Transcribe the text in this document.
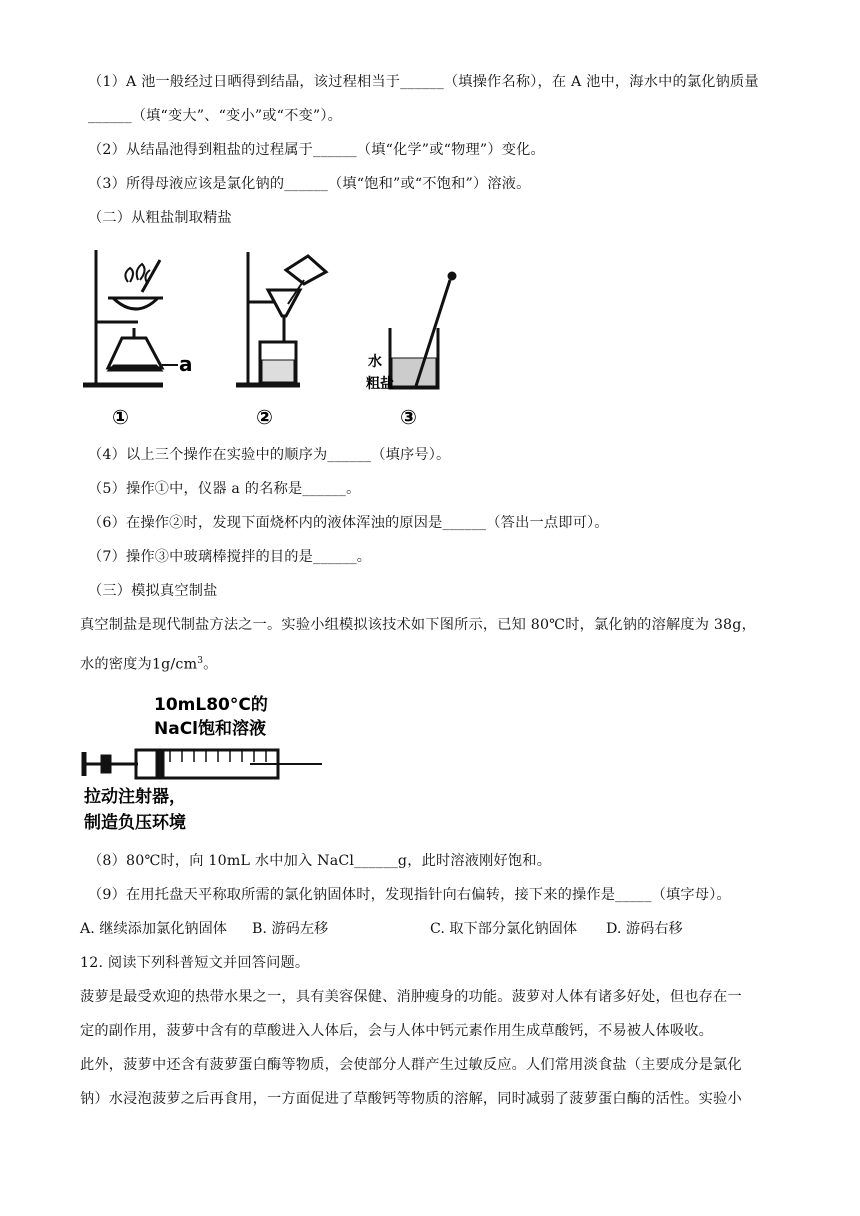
（1）A 池一般经过日晒得到结晶，该过程相当于______（填操作名称），在 A 池中，海水中的氯化钠质量
______（填“变大”、“变小”或“不变”）。
（2）从结晶池得到粗盐的过程属于______（填“化学”或“物理”）变化。
（3）所得母液应该是氯化钠的______（填“饱和”或“不饱和”）溶液。
（二）从粗盐制取精盐
a	水
粗盐
①	②	③
（4）以上三个操作在实验中的顺序为______（填序号）。
（5）操作①中，仪器 a 的名称是______。
（6）在操作②时，发现下面烧杯内的液体浑浊的原因是______（答出一点即可）。
（7）操作③中玻璃棒搅拌的目的是______。
（三）模拟真空制盐
真空制盐是现代制盐方法之一。实验小组模拟该技术如下图所示，已知 80℃时，氯化钠的溶解度为 38g，
水的密度为$1g/cm^3$。
10mL80°C的
NaCl饱和溶液
拉动注射器，
制造负压环境
（8）80℃时，向 10mL 水中加入 NaCl______g，此时溶液刚好饱和。
（9）在用托盘天平称取所需的氯化钠固体时，发现指针向右偏转，接下来的操作是_____（填字母）。
A. 继续添加氯化钠固体 B. 游码左移	C. 取下部分氯化钠固体 D. 游码右移
12. 阅读下列科普短文并回答问题。
菠萝是最受欢迎的热带水果之一，具有美容保健、消肿瘦身的功能。菠萝对人体有诸多好处，但也存在一
定的副作用，菠萝中含有的草酸进入人体后，会与人体中钙元素作用生成草酸钙，不易被人体吸收。
此外，菠萝中还含有菠萝蛋白酶等物质，会使部分人群产生过敏反应。人们常用淡食盐（主要成分是氯化
钠）水浸泡菠萝之后再食用，一方面促进了草酸钙等物质的溶解，同时减弱了菠萝蛋白酶的活性。实验小
